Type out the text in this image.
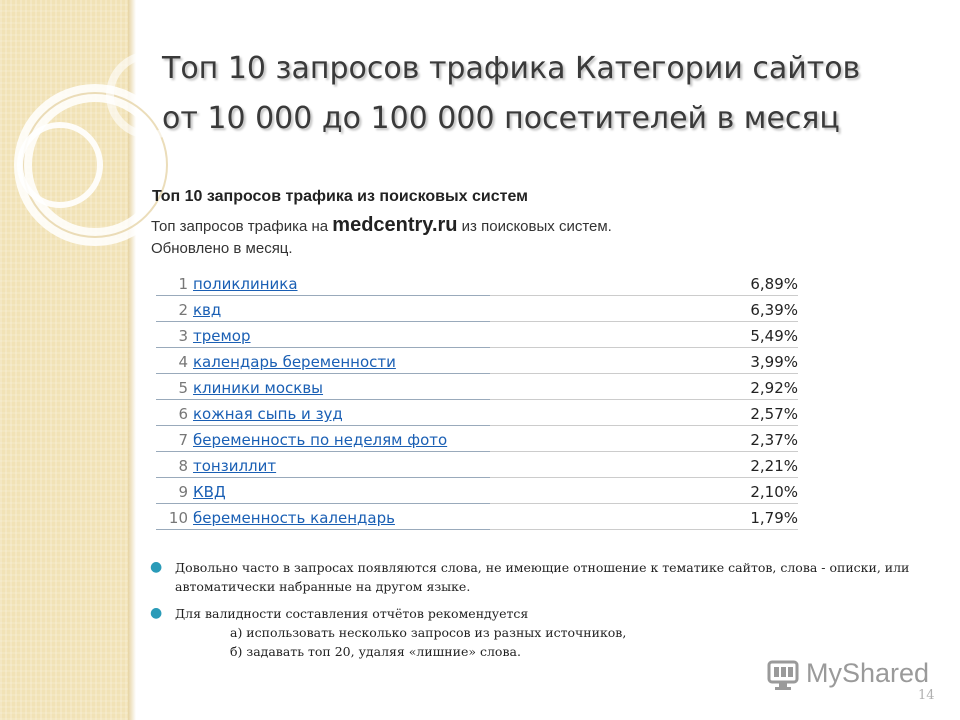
Топ 10 запросов трафика Категории сайтов
от 10 000 до 100 000 посетителей в месяц
Топ 10 запросов трафика из поисковых систем
Топ запросов трафика на medcentry.ru из поисковых систем.
Обновлено в месяц.
1 поликлиника	6,89%
2 квд	6,39%
3 тремор	5,49%
4 календарь беременности	3,99%
5 клиники москвы	2,92%
6 кожная сыпь и зуд	2,57%
7 беременность по неделям фото	2,37%
8 тонзиллит	2,21%
9 КВД	2,10%
10 беременность календарь	1,79%
● Довольно часто в запросах появляются слова, не имеющие отношение к тематике сайтов, слова - описки, или автоматически набранные на другом языке.
● Для валидности составления отчётов рекомендуется
а) использовать несколько запросов из разных источников,
б) задавать топ 20, удаляя «лишние» слова.
MyShared
14
